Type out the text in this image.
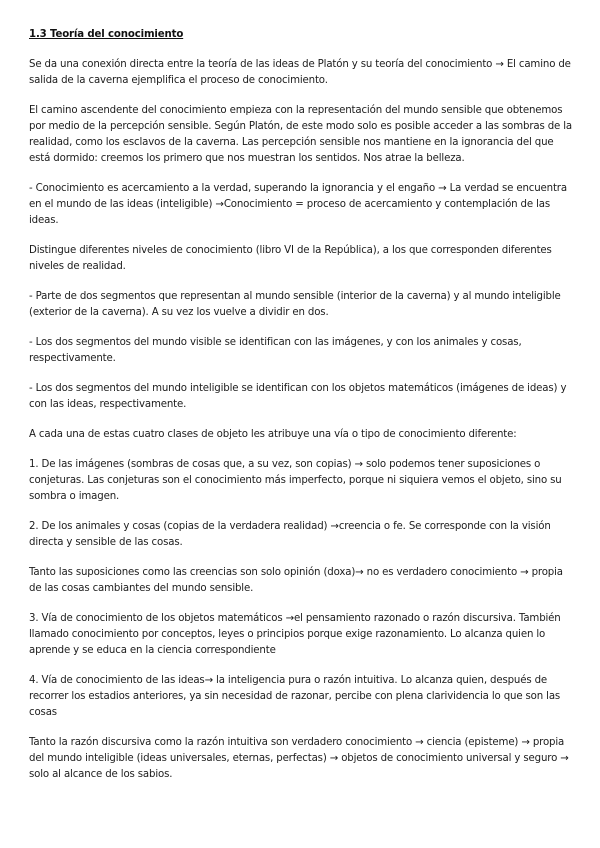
1.3 Teoría del conocimiento
Se da una conexión directa entre la teoría de las ideas de Platón y su teoría del conocimiento → El camino de salida de la caverna ejemplifica el proceso de conocimiento.
El camino ascendente del conocimiento empieza con la representación del mundo sensible que obtenemos por medio de la percepción sensible. Según Platón, de este modo solo es posible acceder a las sombras de la realidad, como los esclavos de la caverna. Las percepción sensible nos mantiene en la ignorancia del que está dormido: creemos los primero que nos muestran los sentidos. Nos atrae la belleza.
- Conocimiento es acercamiento a la verdad, superando la ignorancia y el engaño → La verdad se encuentra en el mundo de las ideas (inteligible) →Conocimiento = proceso de acercamiento y contemplación de las ideas.
Distingue diferentes niveles de conocimiento (libro VI de la República), a los que corresponden diferentes niveles de realidad.
- Parte de dos segmentos que representan al mundo sensible (interior de la caverna) y al mundo inteligible (exterior de la caverna). A su vez los vuelve a dividir en dos.
- Los dos segmentos del mundo visible se identifican con las imágenes, y con los animales y cosas, respectivamente.
- Los dos segmentos del mundo inteligible se identifican con los objetos matemáticos (imágenes de ideas) y con las ideas, respectivamente.
A cada una de estas cuatro clases de objeto les atribuye una vía o tipo de conocimiento diferente:
1. De las imágenes (sombras de cosas que, a su vez, son copias) → solo podemos tener suposiciones o conjeturas. Las conjeturas son el conocimiento más imperfecto, porque ni siquiera vemos el objeto, sino su sombra o imagen.
2. De los animales y cosas (copias de la verdadera realidad) →creencia o fe. Se corresponde con la visión directa y sensible de las cosas.
Tanto las suposiciones como las creencias son solo opinión (doxa)→ no es verdadero conocimiento → propia de las cosas cambiantes del mundo sensible.
3. Vía de conocimiento de los objetos matemáticos →el pensamiento razonado o razón discursiva. También llamado conocimiento por conceptos, leyes o principios porque exige razonamiento. Lo alcanza quien lo aprende y se educa en la ciencia correspondiente
4. Vía de conocimiento de las ideas→ la inteligencia pura o razón intuitiva. Lo alcanza quien, después de recorrer los estadios anteriores, ya sin necesidad de razonar, percibe con plena clarividencia lo que son las cosas
Tanto la razón discursiva como la razón intuitiva son verdadero conocimiento → ciencia (episteme) → propia del mundo inteligible (ideas universales, eternas, perfectas) → objetos de conocimiento universal y seguro → solo al alcance de los sabios.
